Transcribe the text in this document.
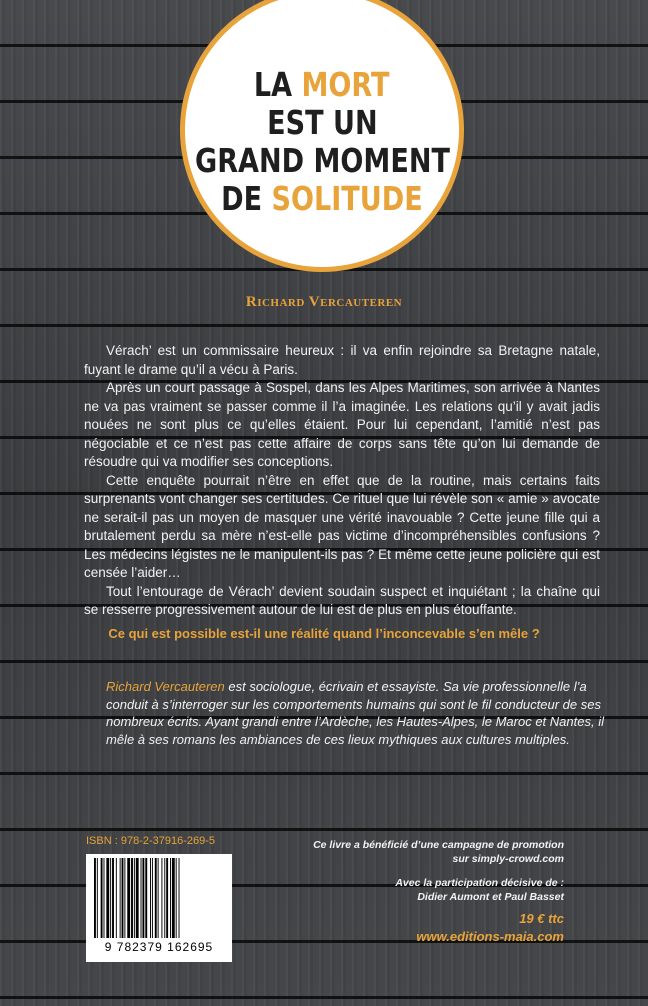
LA MORT
EST UN
GRAND MOMENT
DE SOLITUDE
Richard Vercauteren

Vérach’ est un commissaire heureux : il va enfin rejoindre sa Bretagne natale, fuyant le drame qu’il a vécu à Paris.

Après un court passage à Sospel, dans les Alpes Maritimes, son arrivée à Nantes ne va pas vraiment se passer comme il l’a imaginée. Les relations qu’il y avait jadis nouées ne sont plus ce qu’elles étaient. Pour lui cependant, l’amitié n’est pas négociable et ce n’est pas cette affaire de corps sans tête qu’on lui demande de résoudre qui va modifier ses conceptions.

Cette enquête pourrait n’être en effet que de la routine, mais certains faits surprenants vont changer ses certitudes. Ce rituel que lui révèle son « amie » avocate ne serait-il pas un moyen de masquer une vérité inavouable ? Cette jeune fille qui a brutalement perdu sa mère n’est-elle pas victime d’incompréhensibles confusions ? Les médecins légistes ne le manipulent-ils pas ? Et même cette jeune policière qui est censée l’aider…

Tout l’entourage de Vérach’ devient soudain suspect et inquiétant ; la chaîne qui se resserre progressivement autour de lui est de plus en plus étouffante.

Ce qui est possible est-il une réalité quand l’inconcevable s’en mêle ?
Richard Vercauteren est sociologue, écrivain et essayiste. Sa vie professionnelle l’a conduit à s’interroger sur les comportements humains qui sont le fil conducteur de ses nombreux écrits. Ayant grandi entre l’Ardèche, les Hautes-Alpes, le Maroc et Nantes, il mêle à ses romans les ambiances de ces lieux mythiques aux cultures multiples.
ISBN : 978-2-37916-269-5
9 782379 162695
Ce livre a bénéficié d’une campagne de promotion
sur simply-crowd.com
Avec la participation décisive de :
Didier Aumont et Paul Basset
19 € ttc
www.editions-maia.com
